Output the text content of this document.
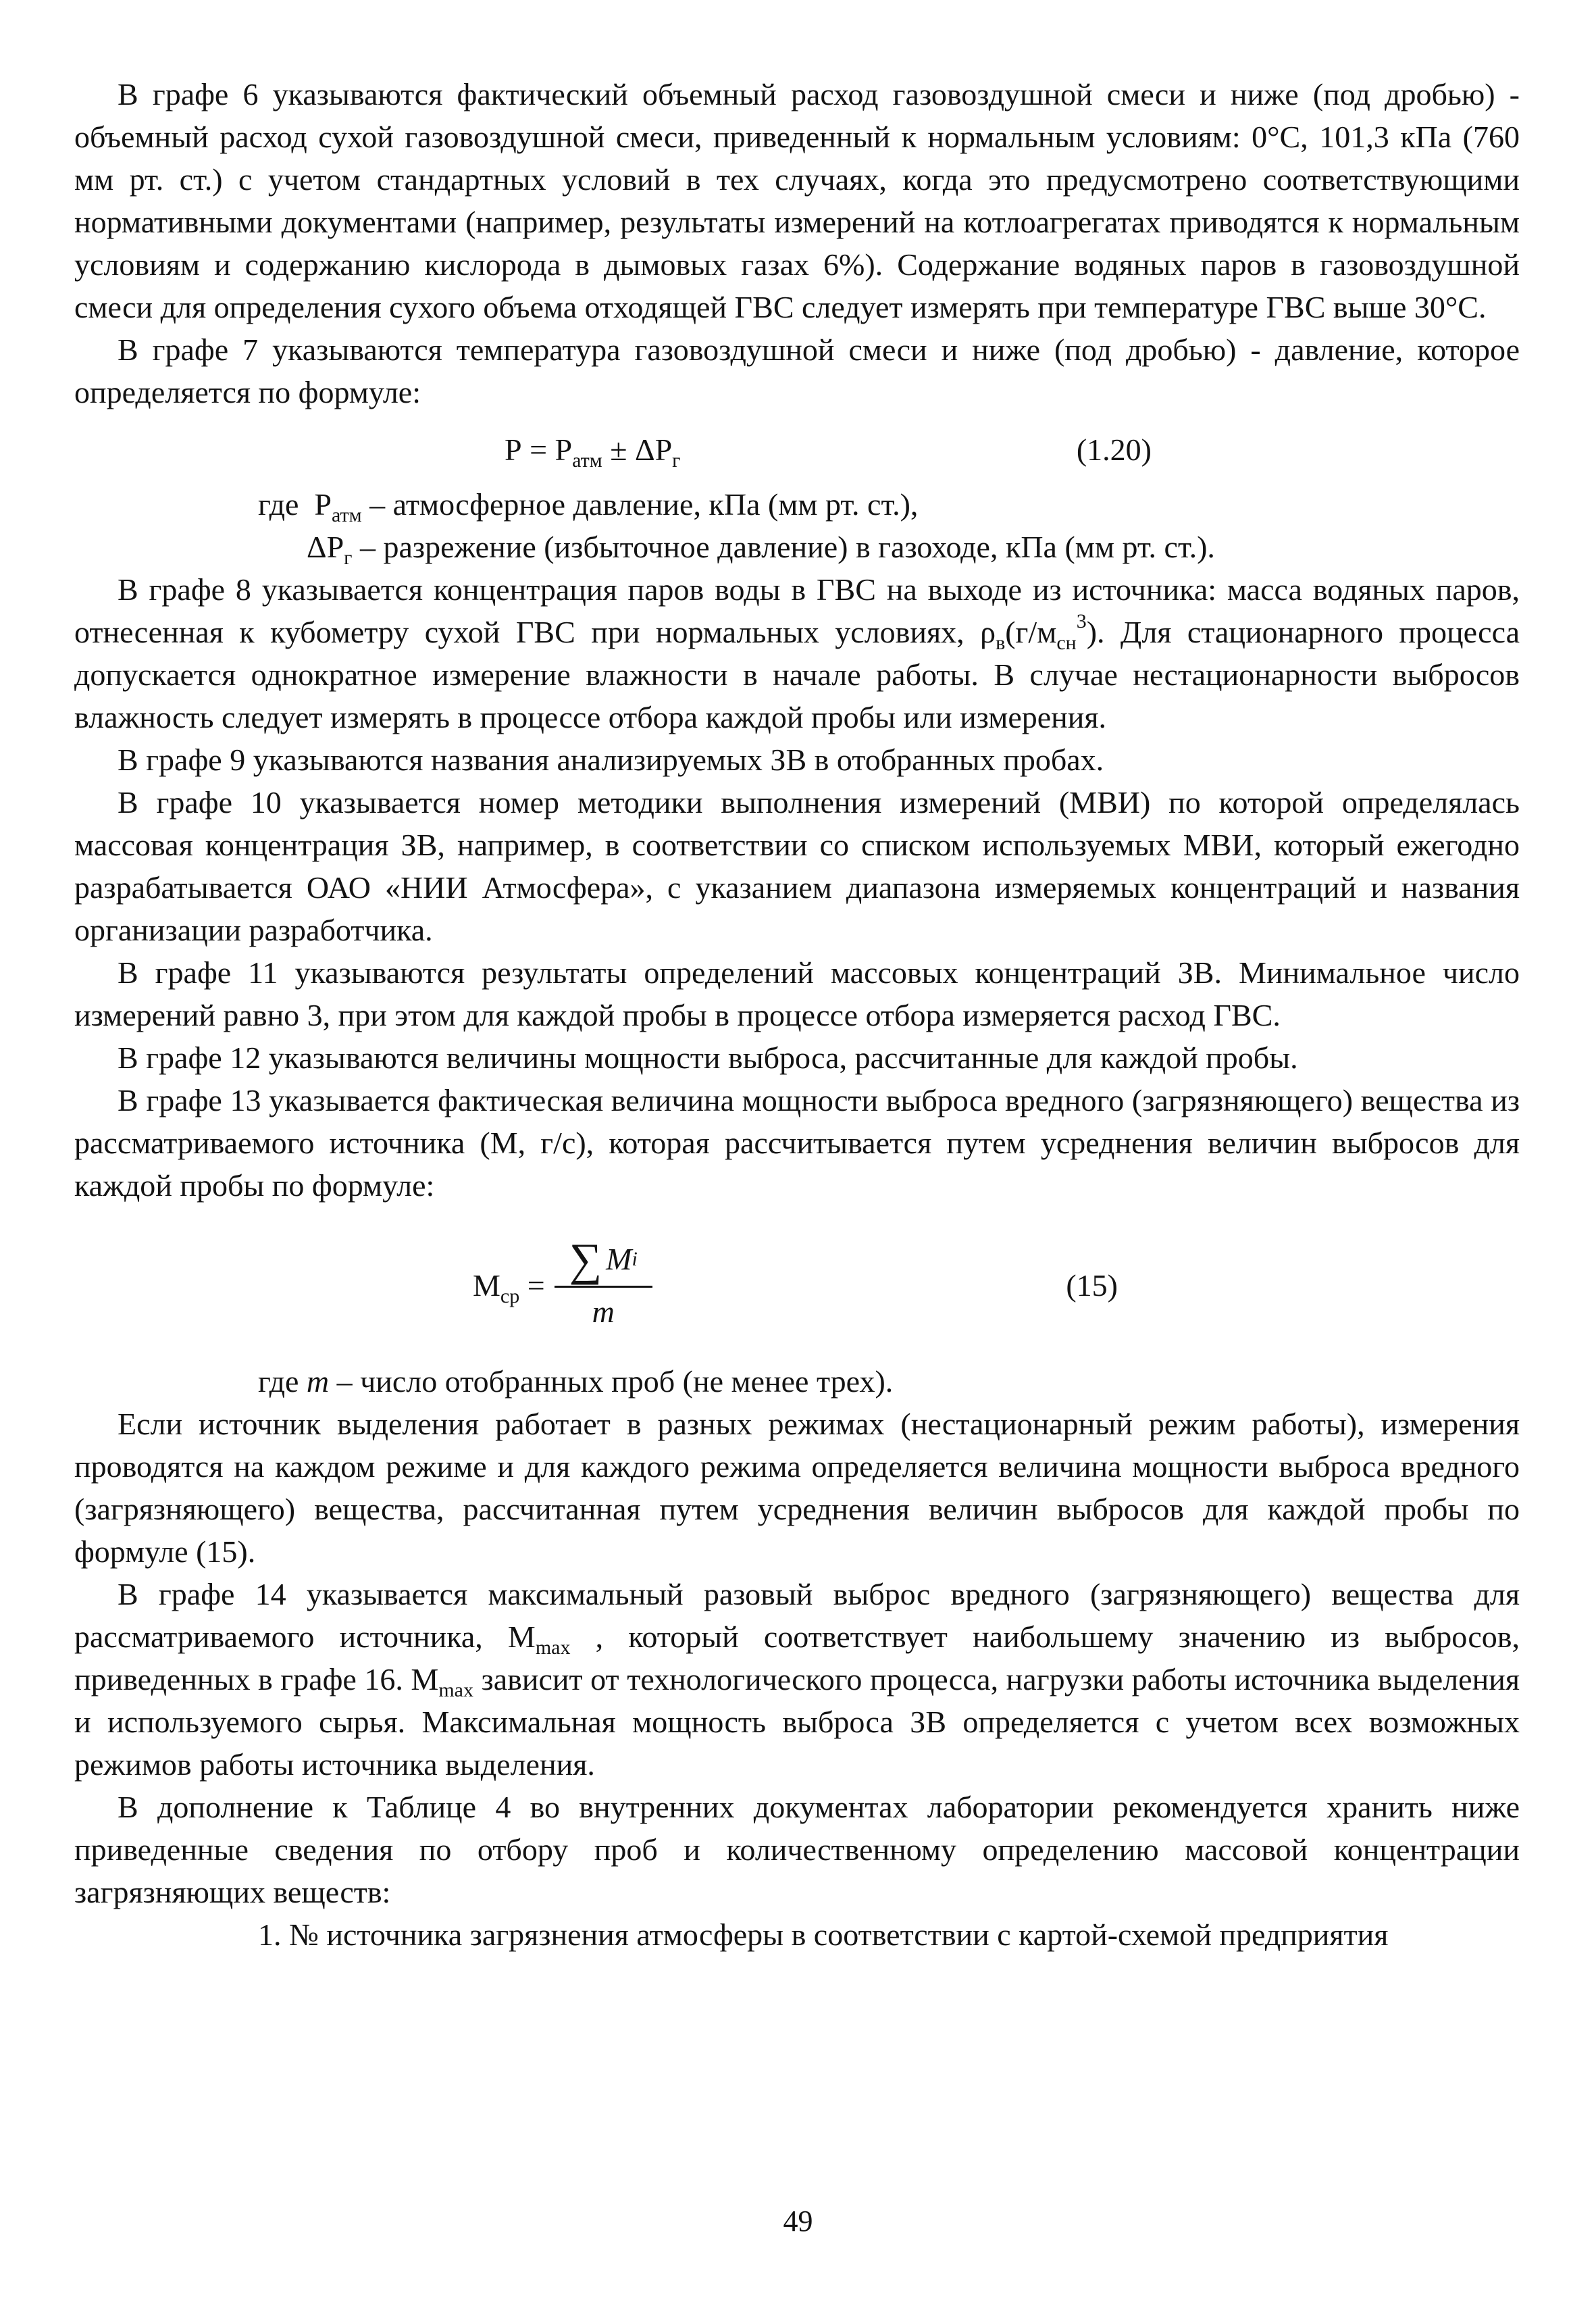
В графе 6 указываются фактический объемный расход газовоздушной смеси и ниже (под дробью) - объемный расход сухой газовоздушной смеси, приведенный к нормальным условиям: 0°С, 101,3 кПа (760 мм рт. ст.) с учетом стандартных условий в тех случаях, когда это предусмотрено соответствующими нормативными документами (например, результаты измерений на котлоагрегатах приводятся к нормальным условиям и содержанию кислорода в дымовых газах 6%). Содержание водяных паров в газовоздушной смеси для определения сухого объема отходящей ГВС следует измерять при температуре ГВС выше 30°С.

В графе 7 указываются температура газовоздушной смеси и ниже (под дробью) - давление, которое определяется по формуле:

$Р = Р_{атм} \pm \Delta Р_г$	(1.20)

где  $Р_{атм}$ – атмосферное давление, кПа (мм рт. ст.),

$\Delta Р_г$ – разрежение (избыточное давление) в газоходе, кПа (мм рт. ст.).

В графе 8 указывается концентрация паров воды в ГВС на выходе из источника: масса водяных паров, отнесенная к кубометру сухой ГВС при нормальных условиях, $\rho_в(г/м_{сн}^3)$. Для стационарного процесса допускается однократное измерение влажности в начале работы. В случае нестационарности выбросов влажность следует измерять в процессе отбора каждой пробы или измерения.

В графе 9 указываются названия анализируемых ЗВ в отобранных пробах.

В графе 10 указывается номер методики выполнения измерений (МВИ) по которой определялась массовая концентрация ЗВ, например, в соответствии со списком используемых МВИ, который ежегодно разрабатывается ОАО «НИИ Атмосфера», с указанием диапазона измеряемых концентраций и названия организации разработчика.

В графе 11 указываются результаты определений массовых концентраций ЗВ. Минимальное число измерений равно 3, при этом для каждой пробы в процессе отбора измеряется расход ГВС.

В графе 12 указываются величины мощности выброса, рассчитанные для каждой пробы.

В графе 13 указывается фактическая величина мощности выброса вредного (загрязняющего) вещества из рассматриваемого источника (М, г/с), которая рассчитывается путем усреднения величин выбросов для каждой пробы по формуле:

$М_{ср} = \frac{\text{∑ М i}}{m}$	(15)

где m – число отобранных проб (не менее трех).

Если источник выделения работает в разных режимах (нестационарный режим работы), измерения проводятся на каждом режиме и для каждого режима определяется величина мощности выброса вредного (загрязняющего) вещества, рассчитанная путем усреднения величин выбросов для каждой пробы по формуле (15).

В графе 14 указывается максимальный разовый выброс вредного (загрязняющего) вещества для рассматриваемого источника, $М_{max}$ , который соответствует наибольшему значению из выбросов, приведенных в графе 16. $М_{max}$ зависит от технологического процесса, нагрузки работы источника выделения и используемого сырья. Максимальная мощность выброса ЗВ определяется с учетом всех возможных режимов работы источника выделения.

В дополнение к Таблице 4 во внутренних документах лаборатории рекомендуется хранить ниже приведенные сведения по отбору проб и количественному определению массовой концентрации загрязняющих веществ:

1. № источника загрязнения атмосферы в соответствии с картой-схемой предприятия

49
